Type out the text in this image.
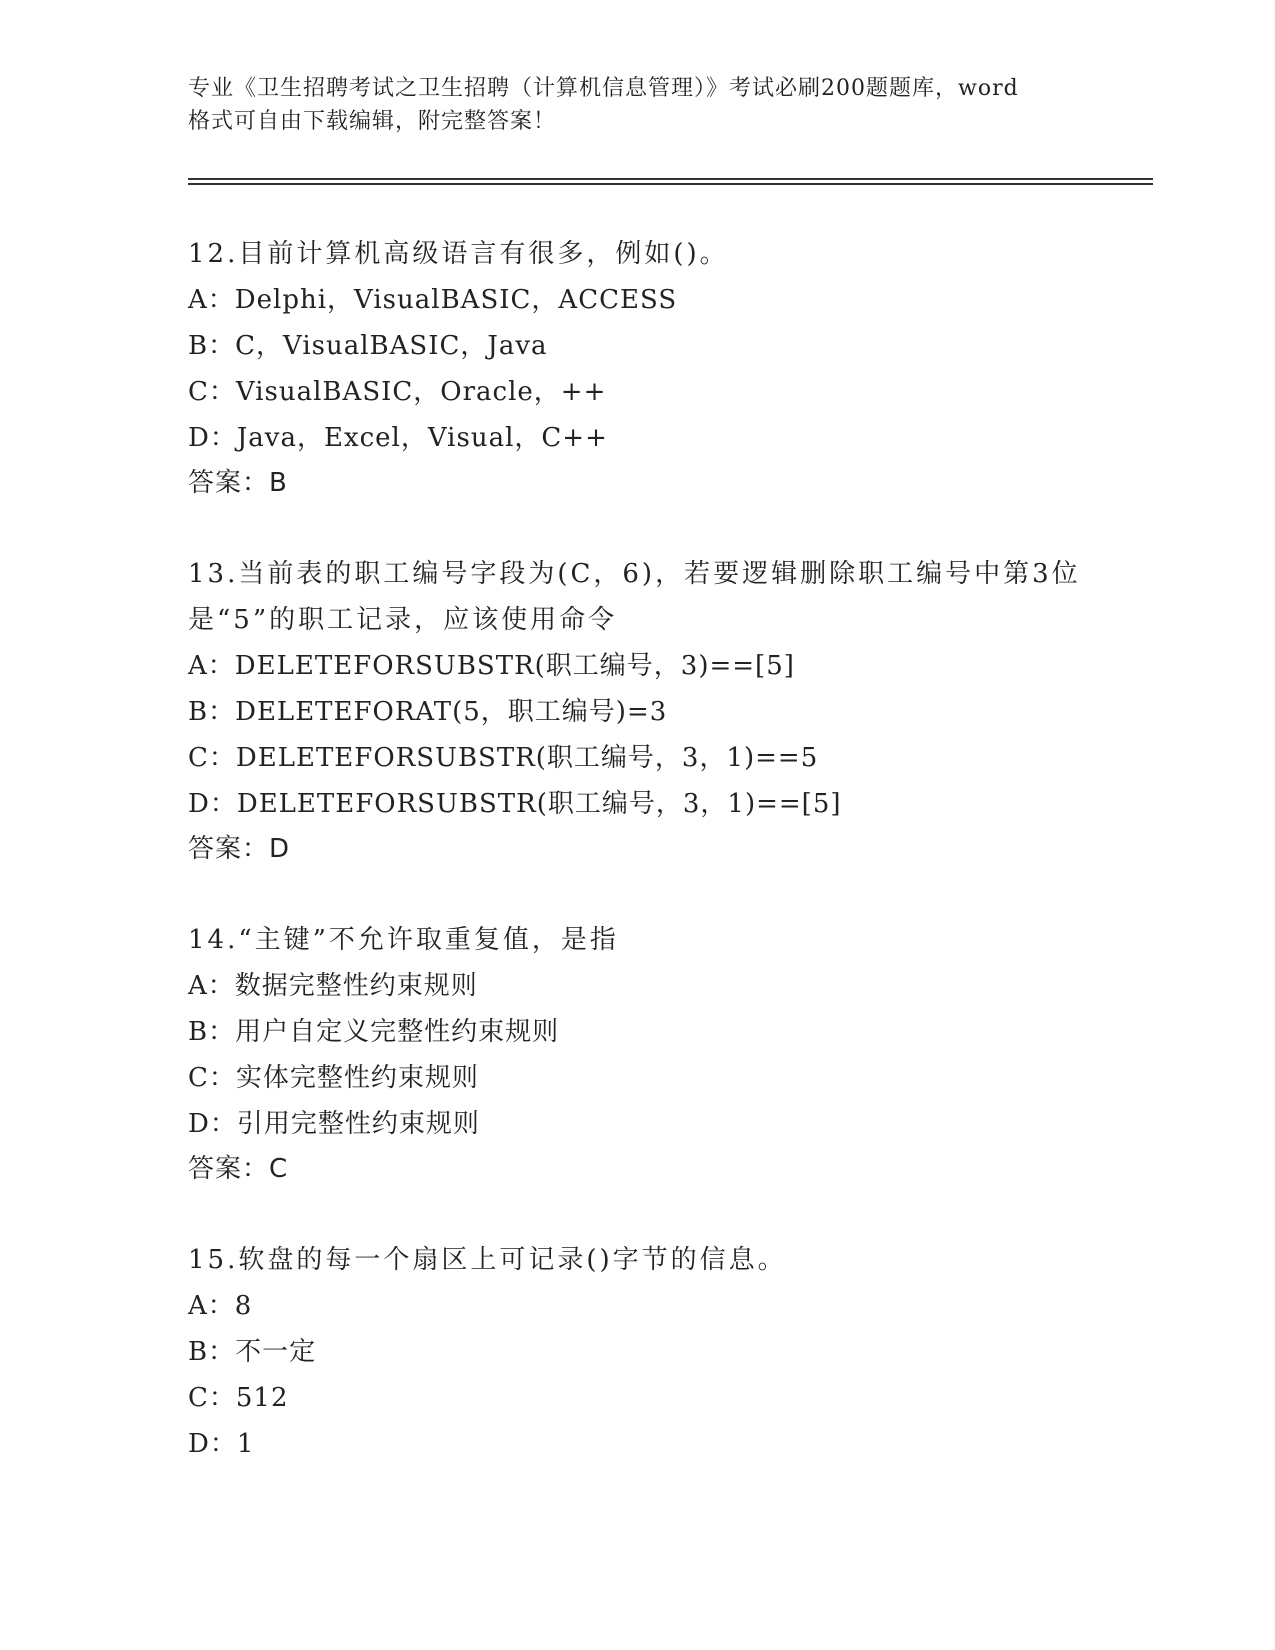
专业《卫生招聘考试之卫生招聘（计算机信息管理）》考试必刷200题题库，word
格式可自由下载编辑，附完整答案！
12.目前计算机高级语言有很多，例如()。
A：Delphi，VisualBASIC，ACCESS
B：C，VisualBASIC，Java
C：VisualBASIC，Oracle，++
D：Java，Excel，Visual，C++
答案：B
13.当前表的职工编号字段为(C，6)，若要逻辑删除职工编号中第3位
是“5”的职工记录，应该使用命令
A：DELETEFORSUBSTR(职工编号，3)==[5]
B：DELETEFORAT(5，职工编号)=3
C：DELETEFORSUBSTR(职工编号，3，1)==5
D：DELETEFORSUBSTR(职工编号，3，1)==[5]
答案：D
14.“主键”不允许取重复值，是指
A：数据完整性约束规则
B：用户自定义完整性约束规则
C：实体完整性约束规则
D：引用完整性约束规则
答案：C
15.软盘的每一个扇区上可记录()字节的信息。
A：8
B：不一定
C：512
D：1
